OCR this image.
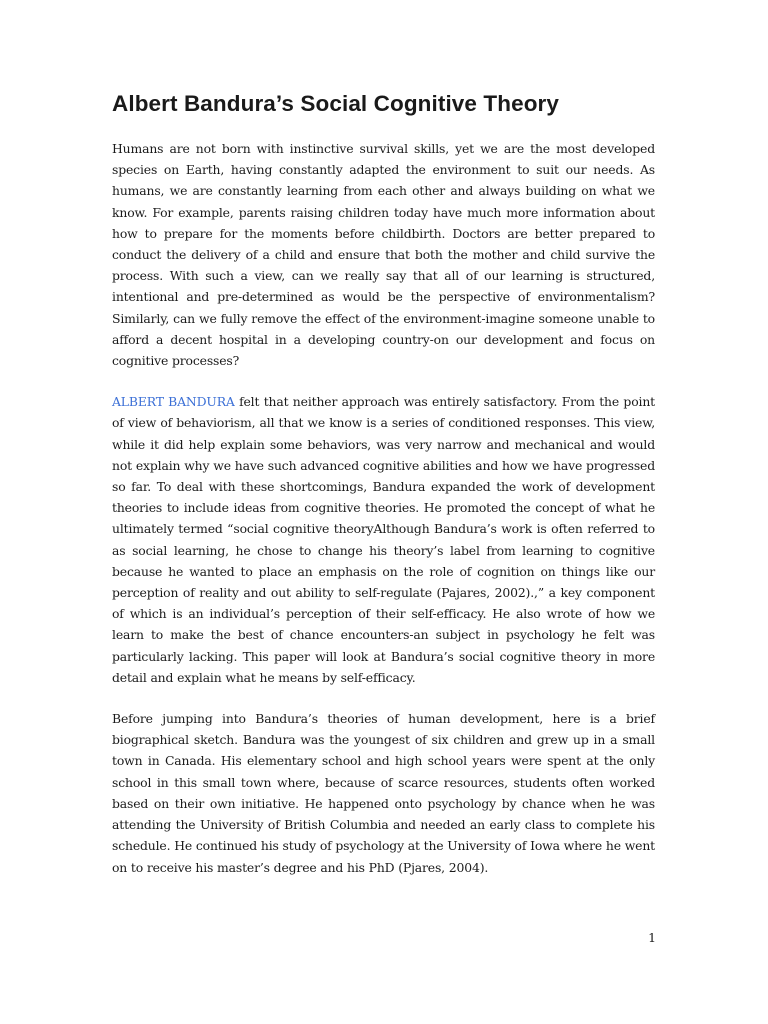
Albert Bandura’s Social Cognitive Theory

Humans are not born with instinctive survival skills, yet we are the most developed species on Earth, having constantly adapted the environment to suit our needs. As humans, we are constantly learning from each other and always building on what we know. For example, parents raising children today have much more information about how to prepare for the moments before childbirth. Doctors are better prepared to conduct the delivery of a child and ensure that both the mother and child survive the process. With such a view, can we really say that all of our learning is structured, intentional and pre-determined as would be the perspective of environmentalism? Similarly, can we fully remove the effect of the environment-imagine someone unable to afford a decent hospital in a developing country-on our development and focus on cognitive processes?

ALBERT BANDURA felt that neither approach was entirely satisfactory. From the point of view of behaviorism, all that we know is a series of conditioned responses. This view, while it did help explain some behaviors, was very narrow and mechanical and would not explain why we have such advanced cognitive abilities and how we have progressed so far. To deal with these shortcomings, Bandura expanded the work of development theories to include ideas from cognitive theories. He promoted the concept of what he ultimately termed “social cognitive theoryAlthough Bandura’s work is often referred to as social learning, he chose to change his theory’s label from learning to cognitive because he wanted to place an emphasis on the role of cognition on things like our perception of reality and out ability to self-regulate (Pajares, 2002).,” a key component of which is an individual’s perception of their self-efficacy. He also wrote of how we learn to make the best of chance encounters-an subject in psychology he felt was particularly lacking. This paper will look at Bandura’s social cognitive theory in more detail and explain what he means by self-efficacy.

Before jumping into Bandura’s theories of human development, here is a brief biographical sketch. Bandura was the youngest of six children and grew up in a small town in Canada. His elementary school and high school years were spent at the only school in this small town where, because of scarce resources, students often worked based on their own initiative. He happened onto psychology by chance when he was attending the University of British Columbia and needed an early class to complete his schedule. He continued his study of psychology at the University of Iowa where he went on to receive his master’s degree and his PhD (Pjares, 2004).

1
